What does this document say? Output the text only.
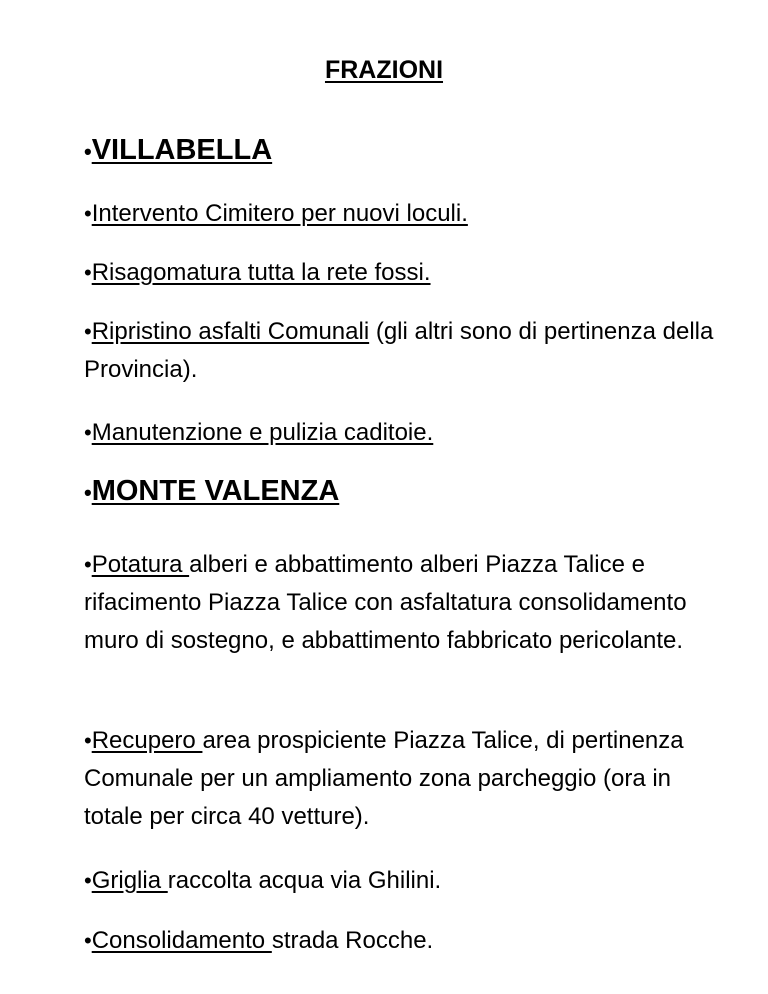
FRAZIONI
•VILLABELLA

•Intervento Cimitero per nuovi loculi.

•Risagomatura tutta la rete fossi.

•Ripristino asfalti Comunali (gli altri sono di pertinenza della Provincia).

•Manutenzione e pulizia caditoie.

•MONTE VALENZA

•Potatura alberi e abbattimento alberi Piazza Talice e rifacimento Piazza Talice con asfaltatura consolidamento muro di sostegno, e abbattimento fabbricato pericolante.

•Recupero area prospiciente Piazza Talice, di pertinenza Comunale per un ampliamento zona parcheggio (ora in totale per circa 40 vetture).

•Griglia raccolta acqua via Ghilini.

•Consolidamento strada Rocche.
